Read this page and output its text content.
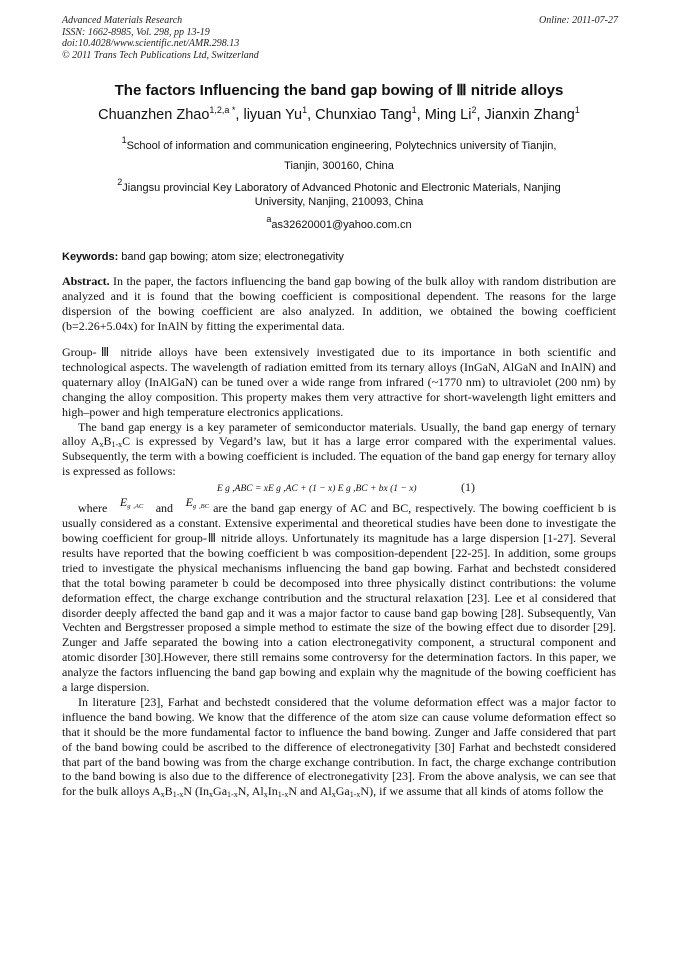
Advanced Materials Research
ISSN: 1662-8985, Vol. 298, pp 13-19
doi:10.4028/www.scientific.net/AMR.298.13
© 2011 Trans Tech Publications Ltd, Switzerland
Online: 2011-07-27
The factors Influencing the band gap bowing of Ⅲ nitride alloys
Chuanzhen Zhao$^{1,2,a *}$, liyuan Yu$^1$, Chunxiao Tang$^1$, Ming Li$^2$, Jianxin Zhang$^1$
$^1$School of information and communication engineering, Polytechnics university of Tianjin,
Tianjin, 300160, China
$^2$Jiangsu provincial Key Laboratory of Advanced Photonic and Electronic Materials, Nanjing
University, Nanjing, 210093, China
$^a$as32620001@yahoo.com.cn
Keywords: band gap bowing; atom size; electronegativity

Abstract. In the paper, the factors influencing the band gap bowing of the bulk alloy with random distribution are analyzed and it is found that the bowing coefficient is compositional dependent. The reasons for the large dispersion of the bowing coefficient are also analyzed. In addition, we obtained the bowing coefficient (b=2.26+5.04x) for InAlN by fitting the experimental data.

Group-Ⅲ nitride alloys have been extensively investigated due to its importance in both scientific and technological aspects. The wavelength of radiation emitted from its ternary alloys (InGaN, AlGaN and InAlN) and quaternary alloy (InAlGaN) can be tuned over a wide range from infrared (~1770 nm) to ultraviolet (200 nm) by changing the alloy composition. This property makes them very attractive for short-wavelength light emitters and high–power and high temperature electronics applications.

The band gap energy is a key parameter of semiconductor materials. Usually, the band gap energy of ternary alloy $A_xB_{1-x}C$ is expressed by Vegard’s law, but it has a large error compared with the experimental values. Subsequently, the term with a bowing coefficient is included. The equation of the band gap energy for ternary alloy is expressed as follows:

E g ,ABC = xE g ,AC + (1 − x) E g ,BC + bx (1 − x)	(1)

where $E_{g ,AC}$ and $E_{g ,BC}$ are the band gap energy of AC and BC, respectively. The bowing coefficient b is usually considered as a constant. Extensive experimental and theoretical studies have been done to investigate the bowing coefficient for group-Ⅲ nitride alloys. Unfortunately its magnitude has a large dispersion [1-27]. Several results have reported that the bowing coefficient b was composition-dependent [22-25]. In addition, some groups tried to investigate the physical mechanisms influencing the band gap bowing. Farhat and bechstedt considered that the total bowing parameter b could be decomposed into three physically distinct contributions: the volume deformation effect, the charge exchange contribution and the structural relaxation [23]. Lee et al considered that disorder deeply affected the band gap and it was a major factor to cause band gap bowing [28]. Subsequently, Van Vechten and Bergstresser proposed a simple method to estimate the size of the bowing effect due to disorder [29]. Zunger and Jaffe separated the bowing into a cation electronegativity component, a structural component and atomic disorder [30].However, there still remains some controversy for the determination factors. In this paper, we analyze the factors influencing the band gap bowing and explain why the magnitude of the bowing coefficient has a large dispersion.

In literature [23], Farhat and bechstedt considered that the volume deformation effect was a major factor to influence the band bowing. We know that the difference of the atom size can cause volume deformation effect so that it should be the more fundamental factor to influence the band bowing. Zunger and Jaffe considered that part of the band bowing could be ascribed to the difference of electronegativity [30] Farhat and bechstedt considered that part of the band bowing was from the charge exchange contribution. In fact, the charge exchange contribution to the band bowing is also due to the difference of electronegativity [23]. From the above analysis, we can see that for the bulk alloys $A_xB_{1-x}N$ ($In_xGa_{1-x}N$, $Al_xIn_{1-x}N$ and $Al_xGa_{1-x}N$), if we assume that all kinds of atoms follow the
